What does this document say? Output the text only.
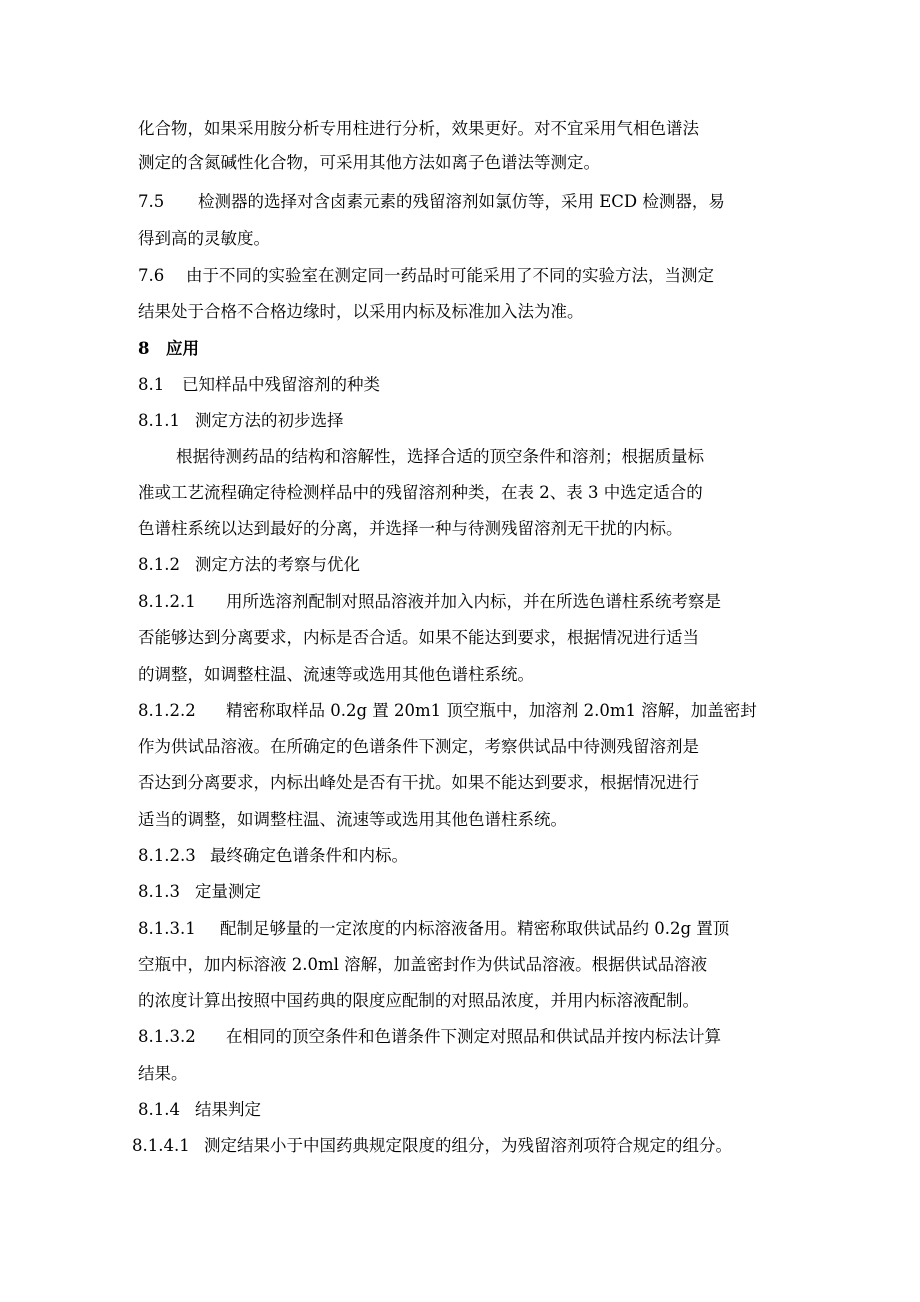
化合物，如果采用胺分析专用柱进行分析，效果更好。对不宜采用气相色谱法
测定的含氮碱性化合物，可采用其他方法如离子色谱法等测定。
7.5 检测器的选择对含卤素元素的残留溶剂如氯仿等，采用 ECD 检测器，易
得到高的灵敏度。
7.6 由于不同的实验室在测定同一药品时可能采用了不同的实验方法，当测定
结果处于合格不合格边缘时，以采用内标及标准加入法为准。
8 应用
8.1 已知样品中残留溶剂的种类
8.1.1 测定方法的初步选择
根据待测药品的结构和溶解性，选择合适的顶空条件和溶剂；根据质量标
准或工艺流程确定待检测样品中的残留溶剂种类，在表 2、表 3 中选定适合的
色谱柱系统以达到最好的分离，并选择一种与待测残留溶剂无干扰的内标。
8.1.2 测定方法的考察与优化
8.1.2.1 用所选溶剂配制对照品溶液并加入内标，并在所选色谱柱系统考察是
否能够达到分离要求，内标是否合适。如果不能达到要求，根据情况进行适当
的调整，如调整柱温、流速等或选用其他色谱柱系统。
8.1.2.2 精密称取样品 0.2g 置 20m1 顶空瓶中，加溶剂 2.0m1 溶解，加盖密封
作为供试品溶液。在所确定的色谱条件下测定，考察供试品中待测残留溶剂是
否达到分离要求，内标出峰处是否有干扰。如果不能达到要求，根据情况进行
适当的调整，如调整柱温、流速等或选用其他色谱柱系统。
8.1.2.3 最终确定色谱条件和内标。
8.1.3 定量测定
8.1.3.1 配制足够量的一定浓度的内标溶液备用。精密称取供试品约 0.2g 置顶
空瓶中，加内标溶液 2.0ml 溶解，加盖密封作为供试品溶液。根据供试品溶液
的浓度计算出按照中国药典的限度应配制的对照品浓度，并用内标溶液配制。
8.1.3.2 在相同的顶空条件和色谱条件下测定对照品和供试品并按内标法计算
结果。
8.1.4 结果判定
8.1.4.1 测定结果小于中国药典规定限度的组分，为残留溶剂项符合规定的组分。
